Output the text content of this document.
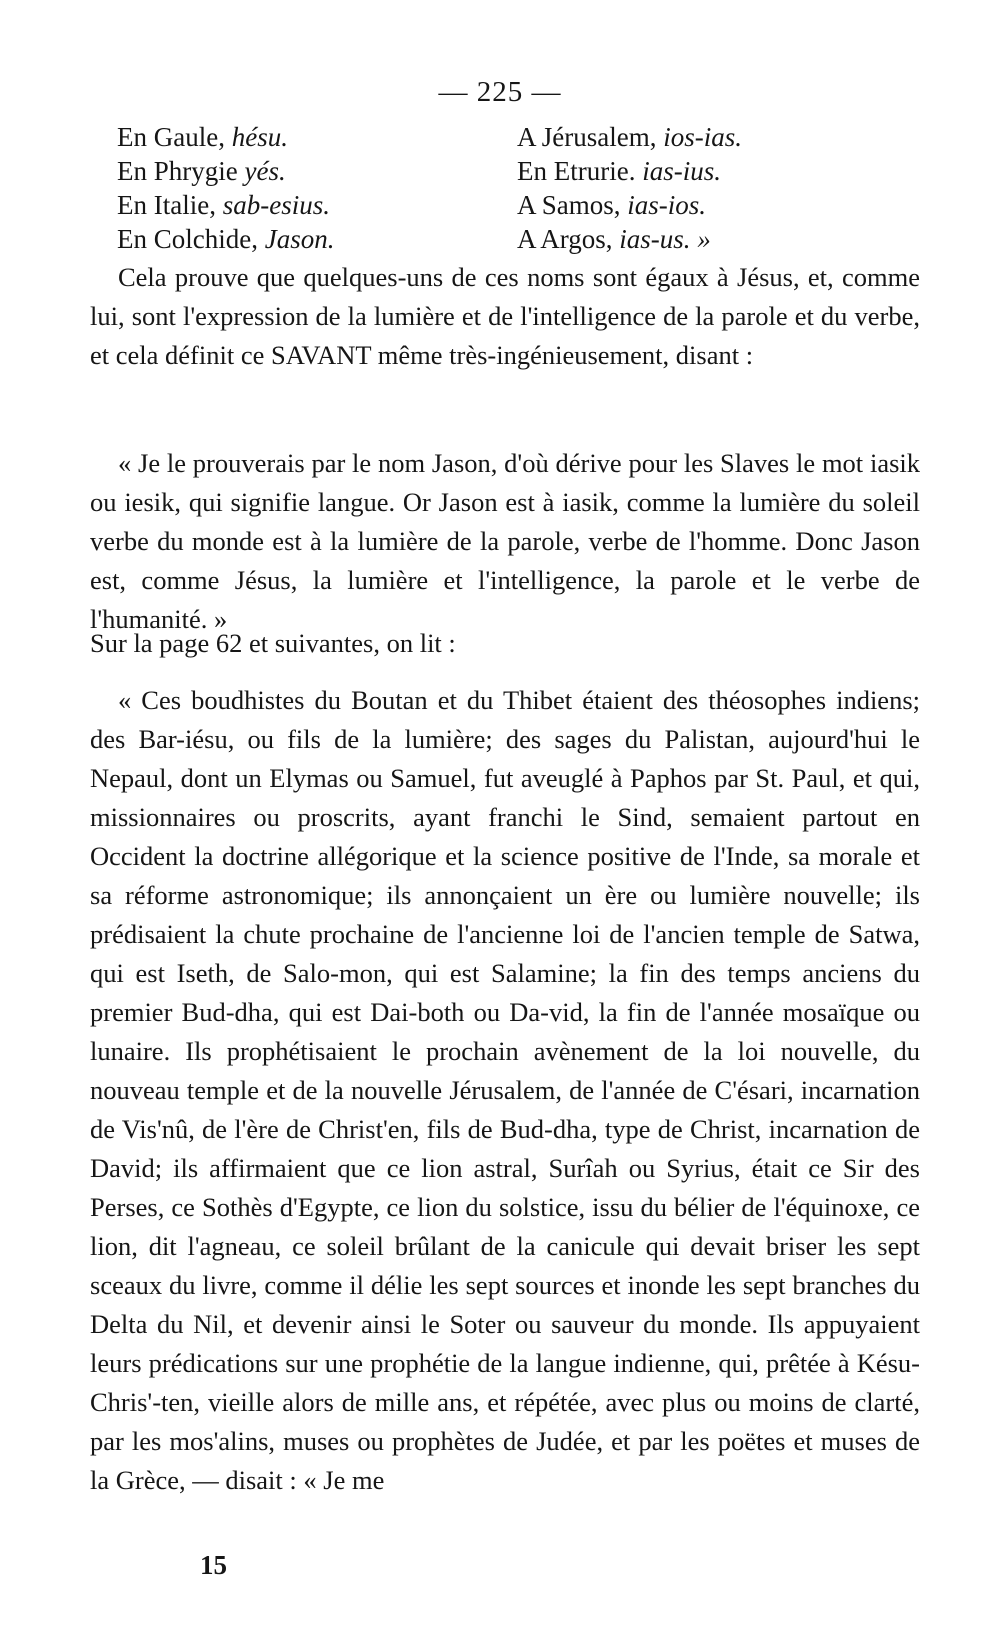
— 225 —
En Gaule, hésu.	A Jérusalem, ios-ias.
En Phrygie yés.	En Etrurie. ias-ius.
En Italie, sab-esius.	A Samos, ias-ios.
En Colchide, Jason.	A Argos, ias-us. »

Cela prouve que quelques-uns de ces noms sont égaux à Jésus, et, comme lui, sont l'expression de la lumière et de l'intelligence de la parole et du verbe, et cela définit ce SAVANT même très-ingénieusement, disant :

« Je le prouverais par le nom Jason, d'où dérive pour les Slaves le mot iasik ou iesik, qui signifie langue. Or Jason est à iasik, comme la lumière du soleil verbe du monde est à la lumière de la parole, verbe de l'homme. Donc Jason est, comme Jésus, la lumière et l'intelligence, la parole et le verbe de l'humanité. »

Sur la page 62 et suivantes, on lit :

« Ces boudhistes du Boutan et du Thibet étaient des théosophes indiens; des Bar-iésu, ou fils de la lumière; des sages du Palistan, aujourd'hui le Nepaul, dont un Elymas ou Samuel, fut aveuglé à Paphos par St. Paul, et qui, missionnaires ou proscrits, ayant franchi le Sind, semaient partout en Occident la doctrine allégorique et la science positive de l'Inde, sa morale et sa réforme astronomique; ils annonçaient un ère ou lumière nouvelle; ils prédisaient la chute prochaine de l'ancienne loi de l'ancien temple de Satwa, qui est Iseth, de Salo-mon, qui est Salamine; la fin des temps anciens du premier Bud-dha, qui est Dai-both ou Da-vid, la fin de l'année mosaïque ou lunaire. Ils prophétisaient le prochain avènement de la loi nouvelle, du nouveau temple et de la nouvelle Jérusalem, de l'année de C'ésari, incarnation de Vis'nû, de l'ère de Christ'en, fils de Bud-dha, type de Christ, incarnation de David; ils affirmaient que ce lion astral, Surîah ou Syrius, était ce Sir des Perses, ce Sothès d'Egypte, ce lion du solstice, issu du bélier de l'équinoxe, ce lion, dit l'agneau, ce soleil brûlant de la canicule qui devait briser les sept sceaux du livre, comme il délie les sept sources et inonde les sept branches du Delta du Nil, et devenir ainsi le Soter ou sauveur du monde. Ils appuyaient leurs prédications sur une prophétie de la langue indienne, qui, prêtée à Késu-Chris'-ten, vieille alors de mille ans, et répétée, avec plus ou moins de clarté, par les mos'alins, muses ou prophètes de Judée, et par les poëtes et muses de la Grèce, — disait : « Je me

15
